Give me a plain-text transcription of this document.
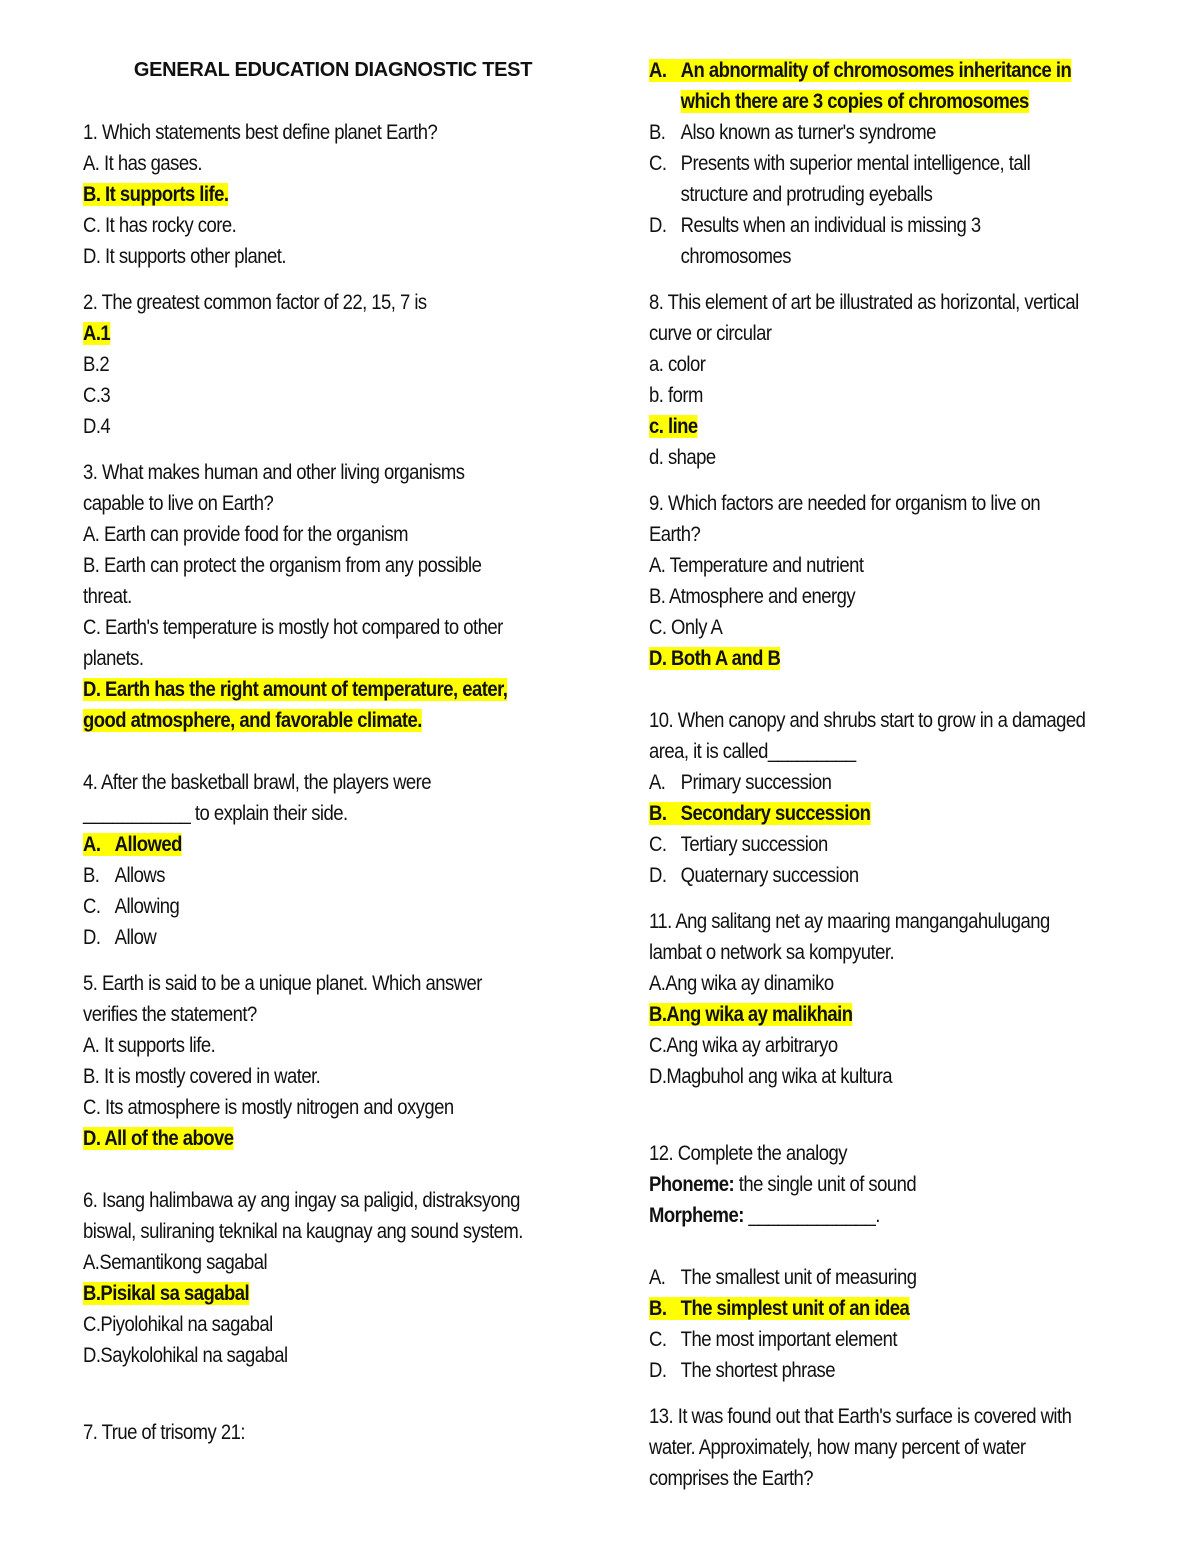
GENERAL EDUCATION DIAGNOSTIC TEST
1. Which statements best define planet Earth?
A. It has gases.
B. It supports life.
C. It has rocky core.
D. It supports other planet.
2. The greatest common factor of 22, 15, 7 is
A.1
B.2
C.3
D.4
3. What makes human and other living organisms
capable to live on Earth?
A. Earth can provide food for the organism
B. Earth can protect the organism from any possible
threat.
C. Earth's temperature is mostly hot compared to other
planets.
D. Earth has the right amount of temperature, eater,
good atmosphere, and favorable climate.
4. After the basketball brawl, the players were
___________ to explain their side.
A. Allowed
B. Allows
C. Allowing
D. Allow
5. Earth is said to be a unique planet. Which answer
verifies the statement?
A. It supports life.
B. It is mostly covered in water.
C. Its atmosphere is mostly nitrogen and oxygen
D. All of the above
6. Isang halimbawa ay ang ingay sa paligid, distraksyong
biswal, suliraning teknikal na kaugnay ang sound system.
A.Semantikong sagabal
B.Pisikal sa sagabal
C.Piyolohikal na sagabal
D.Saykolohikal na sagabal
7. True of trisomy 21:
A. An abnormality of chromosomes inheritance in
which there are 3 copies of chromosomes
B. Also known as turner's syndrome
C. Presents with superior mental intelligence, tall
structure and protruding eyeballs
D. Results when an individual is missing 3
chromosomes
8. This element of art be illustrated as horizontal, vertical
curve or circular
a. color
b. form
c. line
d. shape
9. Which factors are needed for organism to live on
Earth?
A. Temperature and nutrient
B. Atmosphere and energy
C. Only A
D. Both A and B
10. When canopy and shrubs start to grow in a damaged
area, it is called_________
A. Primary succession
B. Secondary succession
C. Tertiary succession
D. Quaternary succession
11. Ang salitang net ay maaring mangangahulugang
lambat o network sa kompyuter.
A.Ang wika ay dinamiko
B.Ang wika ay malikhain
C.Ang wika ay arbitraryo
D.Magbuhol ang wika at kultura
12. Complete the analogy
Phoneme: the single unit of sound
Morpheme: _____________.
A. The smallest unit of measuring
B. The simplest unit of an idea
C. The most important element
D. The shortest phrase
13. It was found out that Earth's surface is covered with
water. Approximately, how many percent of water
comprises the Earth?
